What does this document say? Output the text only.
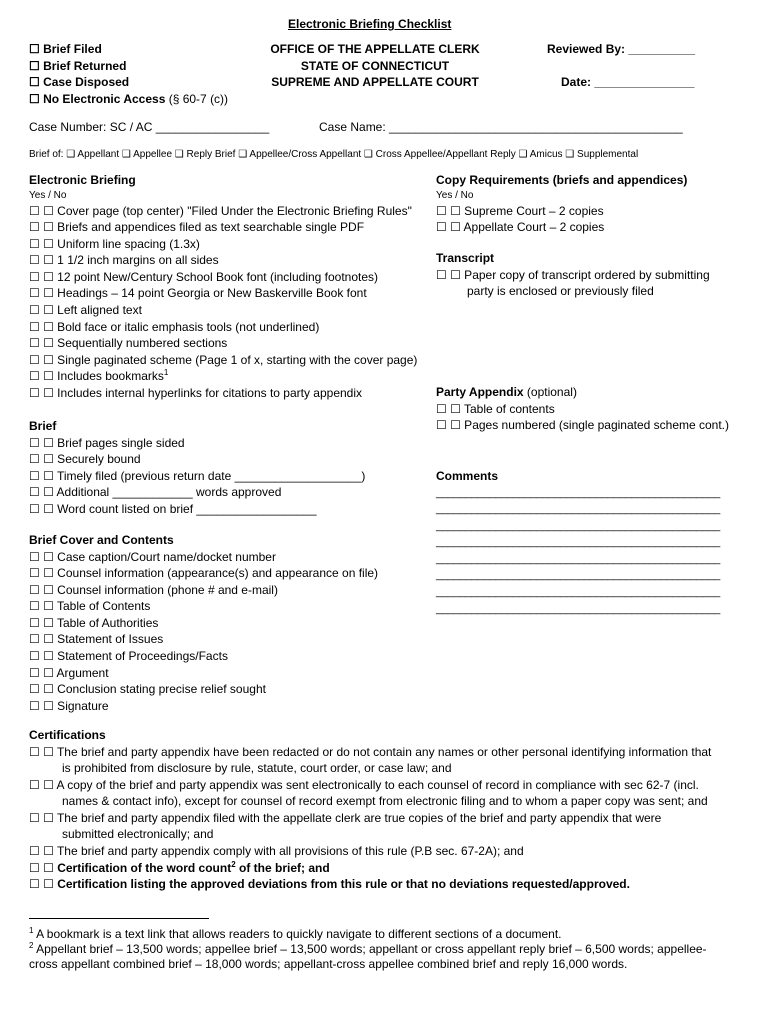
Electronic Briefing Checklist
☐ Brief Filed
☐ Brief Returned
☐ Case Disposed
☐ No Electronic Access (§ 60-7 (c))
OFFICE OF THE APPELLATE CLERK
STATE OF CONNECTICUT
SUPREME AND APPELLATE COURT
Reviewed By: __________
Date: _______________
Case Number: SC / AC _________________	Case Name: ____________________________________________
Brief of: ❑ Appellant ❑ Appellee ❑ Reply Brief ❑ Appellee/Cross Appellant ❑ Cross Appellee/Appellant Reply ❑ Amicus ❑ Supplemental
Electronic Briefing
Yes / No
☐ ☐ Cover page (top center) "Filed Under the Electronic Briefing Rules"
☐ ☐ Briefs and appendices filed as text searchable single PDF
☐ ☐ Uniform line spacing (1.3x)
☐ ☐ 1 1/2 inch margins on all sides
☐ ☐ 12 point New/Century School Book font (including footnotes)
☐ ☐ Headings – 14 point Georgia or New Baskerville Book font
☐ ☐ Left aligned text
☐ ☐ Bold face or italic emphasis tools (not underlined)
☐ ☐ Sequentially numbered sections
☐ ☐ Single paginated scheme (Page 1 of x, starting with the cover page)
☐ ☐ Includes bookmarks$^1$
☐ ☐ Includes internal hyperlinks for citations to party appendix
Brief
☐ ☐ Brief pages single sided
☐ ☐ Securely bound
☐ ☐ Timely filed (previous return date ___________________)
☐ ☐ Additional ____________ words approved
☐ ☐ Word count listed on brief __________________
Brief Cover and Contents
☐ ☐ Case caption/Court name/docket number
☐ ☐ Counsel information (appearance(s) and appearance on file)
☐ ☐ Counsel information (phone # and e-mail)
☐ ☐ Table of Contents
☐ ☐ Table of Authorities
☐ ☐ Statement of Issues
☐ ☐ Statement of Proceedings/Facts
☐ ☐ Argument
☐ ☐ Conclusion stating precise relief sought
☐ ☐ Signature
Copy Requirements (briefs and appendices)
Yes / No
☐ ☐ Supreme Court – 2 copies
☐ ☐ Appellate Court – 2 copies
Transcript
☐ ☐ Paper copy of transcript ordered by submitting
party is enclosed or previously filed
Party Appendix (optional)
☐ ☐ Table of contents
☐ ☐ Pages numbered (single paginated scheme cont.)
Comments
________________________________________________
________________________________________________
________________________________________________
________________________________________________
________________________________________________
________________________________________________
________________________________________________
________________________________________________
Certifications
☐ ☐ The brief and party appendix have been redacted or do not contain any names or other personal identifying information that
is prohibited from disclosure by rule, statute, court order, or case law; and
☐ ☐ A copy of the brief and party appendix was sent electronically to each counsel of record in compliance with sec 62-7 (incl.
names & contact info), except for counsel of record exempt from electronic filing and to whom a paper copy was sent; and
☐ ☐ The brief and party appendix filed with the appellate clerk are true copies of the brief and party appendix that were
submitted electronically; and
☐ ☐ The brief and party appendix comply with all provisions of this rule (P.B sec. 67-2A); and
☐ ☐ Certification of the word count$^2$ of the brief; and
☐ ☐ Certification listing the approved deviations from this rule or that no deviations requested/approved.
$^1$ A bookmark is a text link that allows readers to quickly navigate to different sections of a document.
$^2$ Appellant brief – 13,500 words; appellee brief – 13,500 words; appellant or cross appellant reply brief – 6,500 words; appellee-
cross appellant combined brief – 18,000 words; appellant-cross appellee combined brief and reply 16,000 words.
